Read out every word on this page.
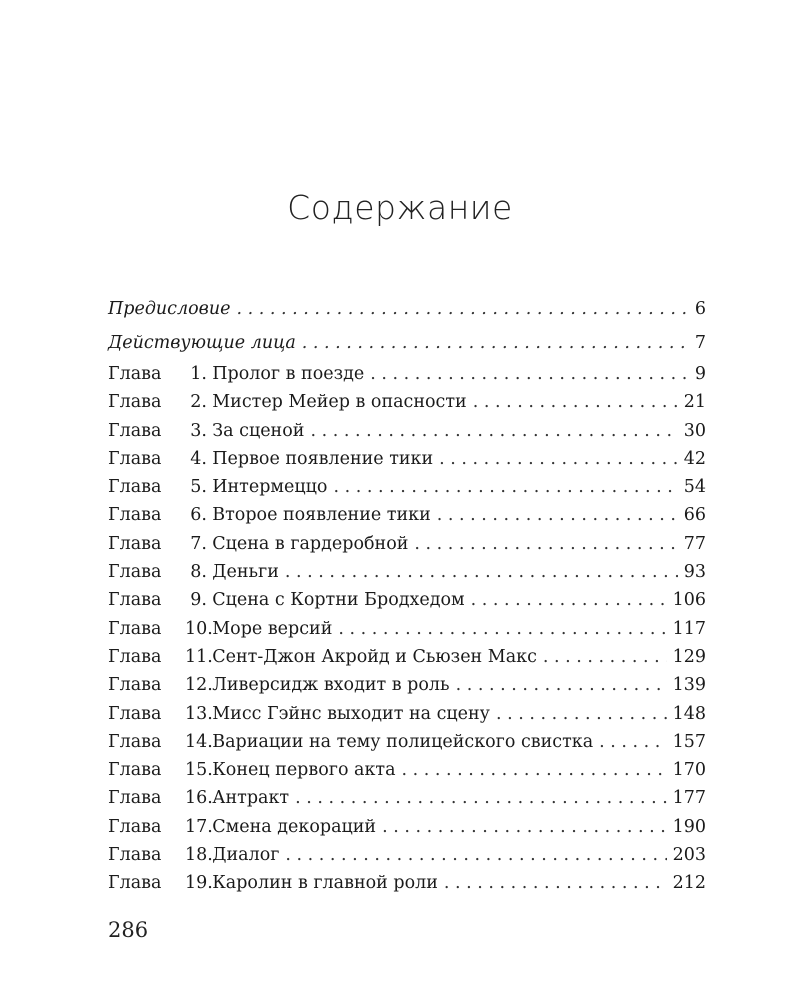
Содержание
Предисловие . . .	6
Действующие лица . . .	7
Глава 1. Пролог в поезде . . .	9
Глава 2. Мистер Мейер в опасности . . .	21
Глава 3. За сценой . . .	30
Глава 4. Первое появление тики . . .	42
Глава 5. Интермеццо . . .	54
Глава 6. Второе появление тики . . .	66
Глава 7. Сцена в гардеробной . . .	77
Глава 8. Деньги . . .	93
Глава 9. Сцена с Кортни Бродхедом . . .	106
Глава 10.Море версий . . .	117
Глава 11.Сент-Джон Акройд и Сьюзен Макс . . .	129
Глава 12.Ливерсидж входит в роль . . .	139
Глава 13.Мисс Гэйнс выходит на сцену . . .	148
Глава 14.Вариации на тему полицейского свистка . . .	157
Глава 15.Конец первого акта . . .	170
Глава 16.Антракт . . .	177
Глава 17.Смена декораций . . .	190
Глава 18.Диалог . . .	203
Глава 19.Каролин в главной роли . . .	212
286
